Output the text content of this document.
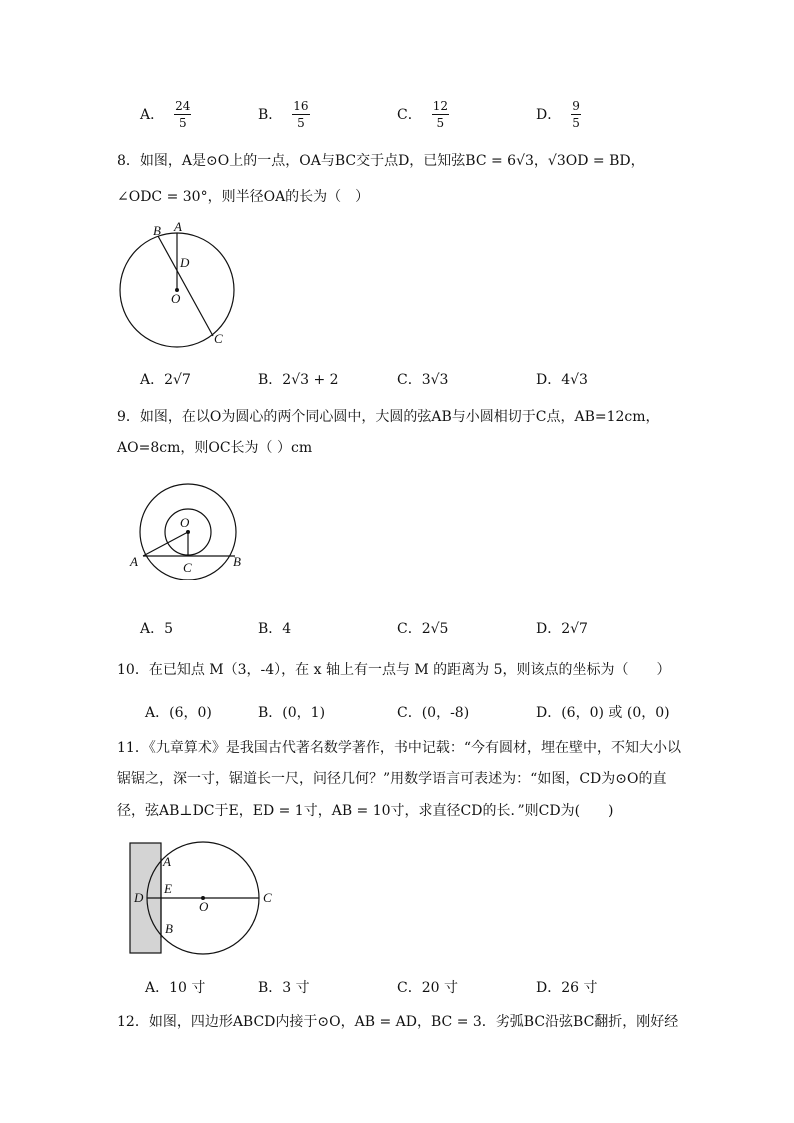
A． $\frac{24}{5}$	B． $\frac{16}{5}$	C． $\frac{12}{5}$	D． $\frac{9}{5}$
8．如图，A是⊙O上的一点，OA与BC交于点D，已知弦BC = 6√3，√3OD = BD，
∠ODC = 30°，则半径OA的长为（　）
B A
D
O
C
A．2√7	B．2√3 + 2	C．3√3	D．4√3
9．如图，在以O为圆心的两个同心圆中，大圆的弦AB与小圆相切于C点，AB=12cm，
AO=8cm，则OC长为（ ）cm
O
A	C	B
A．5	B．4	C．2√5	D．2√7
10．在已知点 M（3，-4），在 x 轴上有一点与 M 的距离为 5，则该点的坐标为（　　）
A．(6，0)	B．(0，1)	C．(0，-8)	D．(6，0) 或 (0，0)
11．《九章算术》是我国古代著名数学著作，书中记载：“今有圆材，埋在壁中，不知大小以
锯锯之，深一寸，锯道长一尺，问径几何？”用数学语言可表述为：“如图，CD为⊙O的直
径，弦AB⊥DC于E，ED = 1寸，AB = 10寸，求直径CD的长．”则CD为(　　)
A
D
E
O
C
B
A．10 寸	B．3 寸	C．20 寸	D．26 寸
12．如图，四边形ABCD内接于⊙O，AB = AD，BC = 3．劣弧BC沿弦BC翻折，刚好经
